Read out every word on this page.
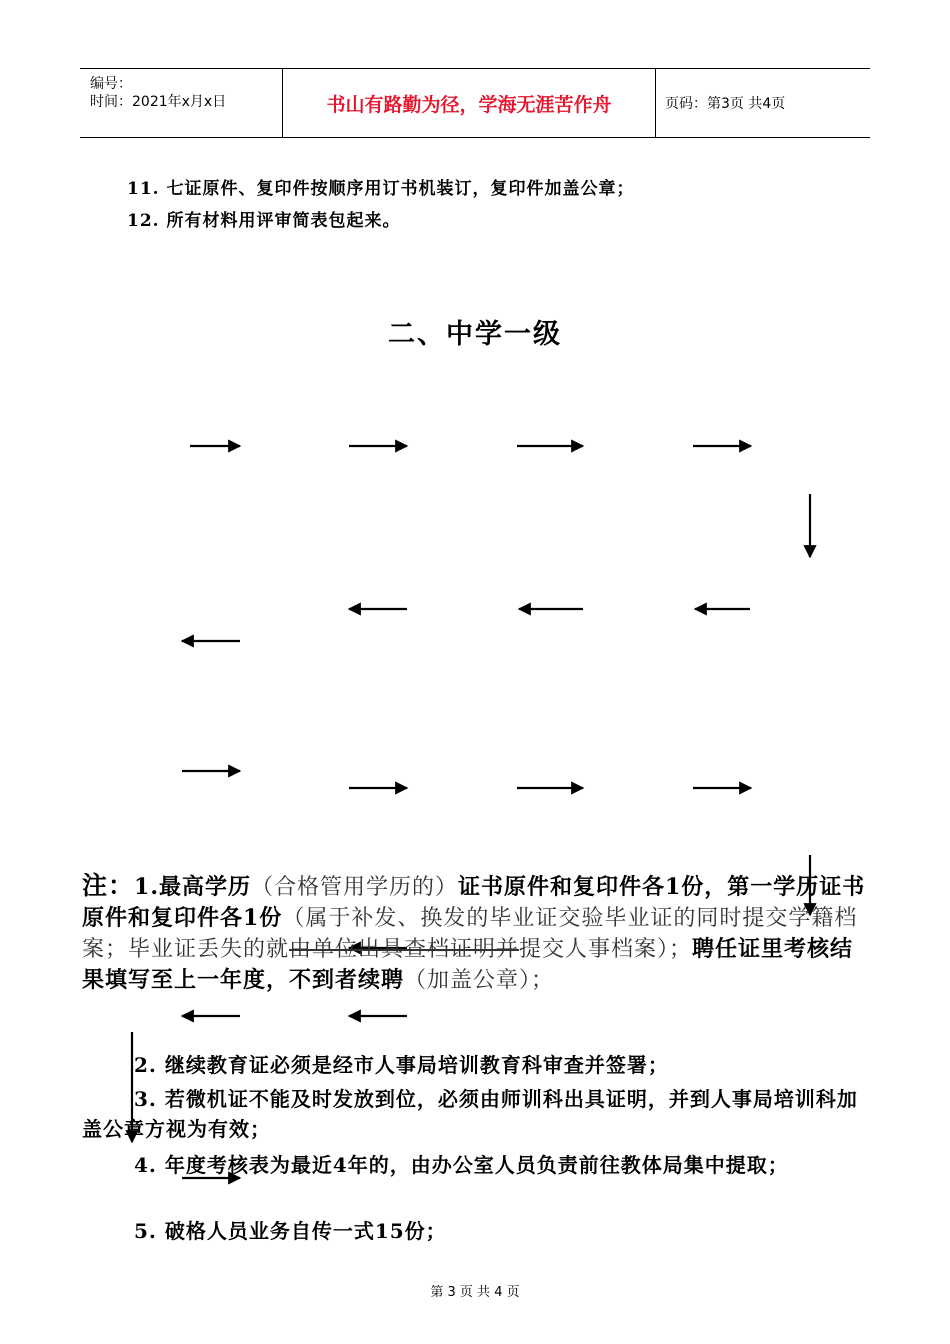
编号：
时间：2021年x月x日	书山有路勤为径，学海无涯苦作舟	页码：第3页 共4页
11. 七证原件、复印件按顺序用订书机装订，复印件加盖公章；
12. 所有材料用评审简表包起来。
二、中学一级
注：1.最高学历（合格管用学历的）证书原件和复印件各1份，第一学历证书原件和复印件各1份（属于补发、换发的毕业证交验毕业证的同时提交学籍档案；毕业证丢失的就由单位出具查档证明并提交人事档案）；聘任证里考核结果填写至上一年度，不到者续聘（加盖公章）；
2. 继续教育证必须是经市人事局培训教育科审查并签署；
3. 若微机证不能及时发放到位，必须由师训科出具证明，并到人事局培训科加盖公章方视为有效；
4. 年度考核表为最近4年的，由办公室人员负责前往教体局集中提取；
5. 破格人员业务自传一式15份；
第 3 页 共 4 页
